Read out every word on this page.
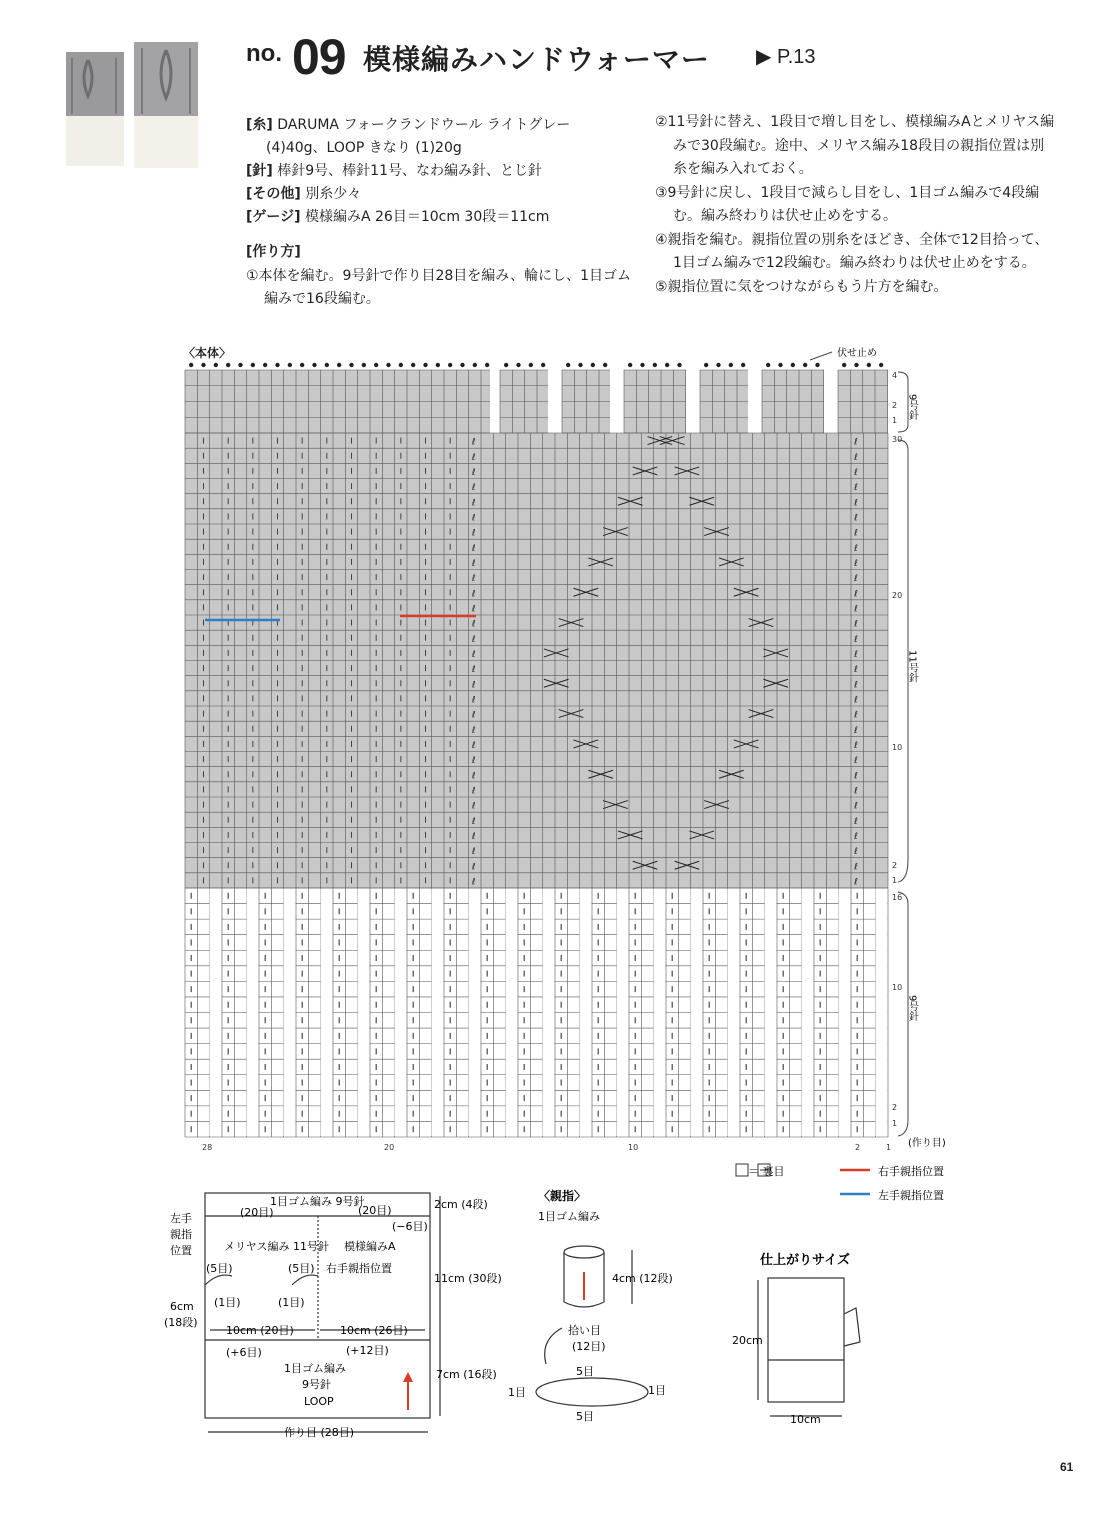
no. 09 模様編みハンドウォーマー ▶ P.13
[糸] DARUMA フォークランドウール ライトグレー
(4)40g、LOOP きなり (1)20g
[針] 棒針9号、棒針11号、なわ編み針、とじ針
[その他] 別糸少々
[ゲージ] 模様編みA 26目＝10cm 30段＝11cm
[作り方]
①本体を編む。9号針で作り目28目を編み、輪にし、1目ゴム編みで16段編む。
②11号針に替え、1段目で増し目をし、模様編みAとメリヤス編みで30段編む。途中、メリヤス編み18段目の親指位置は別糸を編み入れておく。
③9号針に戻し、1段目で減らし目をし、1目ゴム編みで4段編む。編み終わりは伏せ止めをする。
④親指を編む。親指位置の別糸をほどき、全体で12目拾って、1目ゴム編みで12段編む。編み終わりは伏せ止めをする。
⑤親指位置に気をつけながらもう片方を編む。
〈本体〉
ℓ
ℓ
ℓ
ℓ
ℓ
ℓ
ℓ
ℓ
ℓ
ℓ
ℓ
ℓ
ℓ
ℓ
ℓ
ℓ
ℓ
ℓ
ℓ
ℓ
ℓ
ℓ
ℓ
ℓ
ℓ
ℓ
ℓ
ℓ
ℓ
ℓ
ℓ
ℓ
ℓ
ℓ
ℓ
ℓ
ℓ
ℓ
ℓ
ℓ
ℓ
ℓ
ℓ
ℓ
ℓ
ℓ
ℓ
ℓ
ℓ
ℓ
ℓ
ℓ
ℓ
ℓ
ℓ
ℓ
ℓ
ℓ
ℓ
ℓ
9号針
11号針
9号針
伏せ止め
(作り目)
4
2
1
30
20
10
2
1
16
10
2
1
28	20	10	2	1
＝ 裏目	右手親指位置
左手親指位置
1目ゴム編み 9号針
(20目)	(20目)
(−6目)
2cm (4段)
左手
親指
位置	メリヤス編み 11号針 模様編みA
右手親指位置
(5目)	(5目)
(1目)	(1目)
11cm (30段)
6cm
(18段)
10cm (20目)	10cm (26目)
(+6目)	(+12目)
1目ゴム編み
9号針
LOOP
7cm (16段)
作り目 (28目)
〈親指〉
1目ゴム編み
4cm (12段)
拾い目
(12目)
5目
5目
1目	1目
仕上がりサイズ
20cm
10cm
61
